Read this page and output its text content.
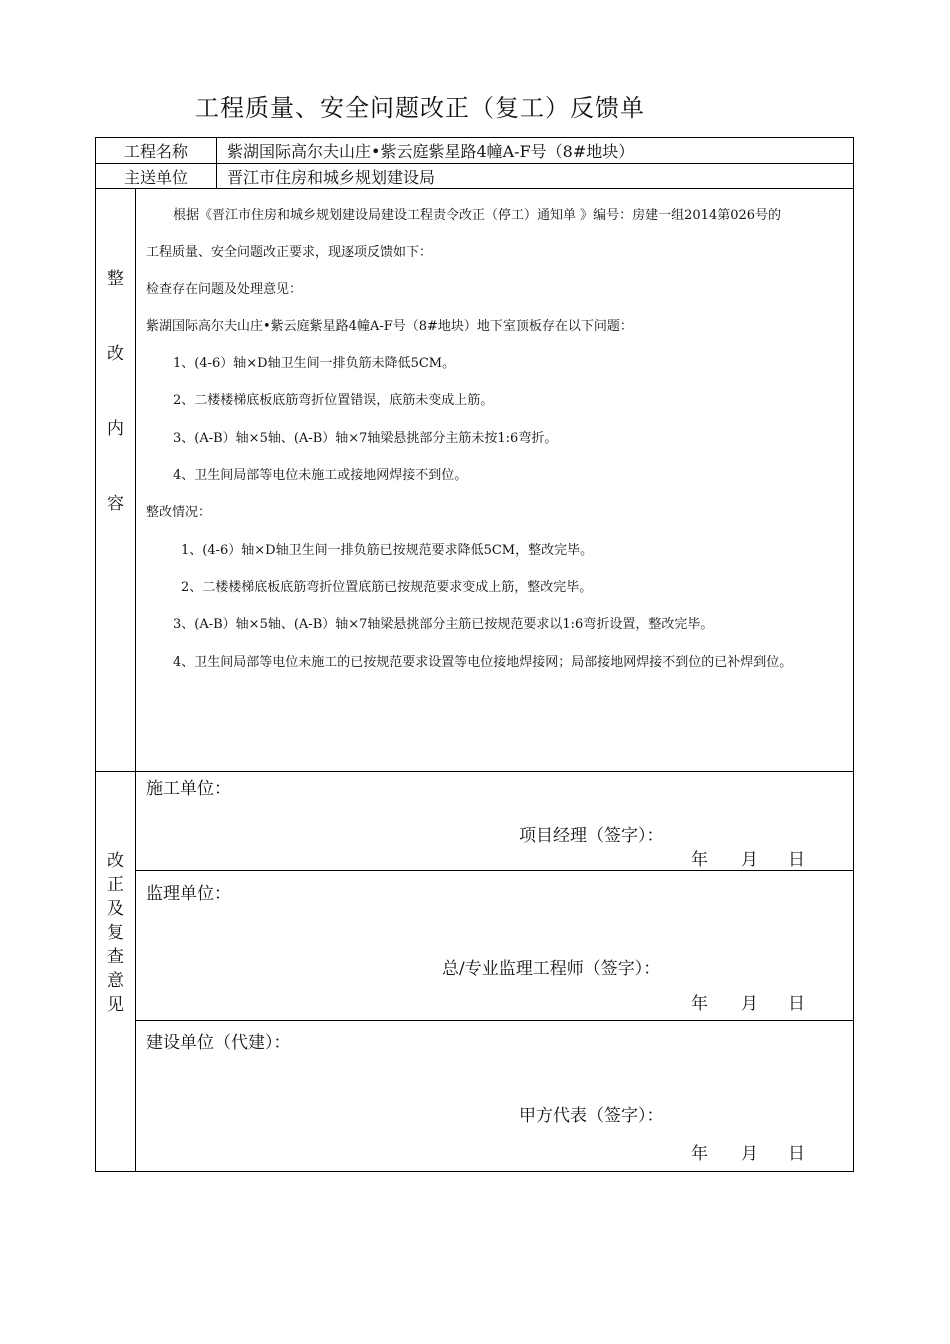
工程质量、安全问题改正（复工）反馈单
工程名称	紫湖国际高尔夫山庄•紫云庭紫星路4幢A-F号（8#地块）
主送单位	晋江市住房和城乡规划建设局
整
改
内
容
根据《晋江市住房和城乡规划建设局建设工程责令改正（停工）通知单 》编号：房建一组2014第026号的
工程质量、安全问题改正要求，现逐项反馈如下：
检查存在问题及处理意见：
紫湖国际高尔夫山庄•紫云庭紫星路4幢A-F号（8#地块）地下室顶板存在以下问题：
1、(4-6）轴×D轴卫生间一排负筋未降低5CM。
2、二楼楼梯底板底筋弯折位置错误，底筋未变成上筋。
3、(A-B）轴×5轴、(A-B）轴×7轴梁悬挑部分主筋未按1:6弯折。
4、卫生间局部等电位未施工或接地网焊接不到位。
整改情况：
1、(4-6）轴×D轴卫生间一排负筋已按规范要求降低5CM，整改完毕。
2、二楼楼梯底板底筋弯折位置底筋已按规范要求变成上筋，整改完毕。
3、(A-B）轴×5轴、(A-B）轴×7轴梁悬挑部分主筋已按规范要求以1:6弯折设置，整改完毕。
4、卫生间局部等电位未施工的已按规范要求设置等电位接地焊接网；局部接地网焊接不到位的已补焊到位。
改
正
及
复
查
意
见
施工单位：
项目经理（签字）：
年 月 日
监理单位：
总/专业监理工程师（签字）：
年 月 日
建设单位（代建）：
甲方代表（签字）：
年 月 日
